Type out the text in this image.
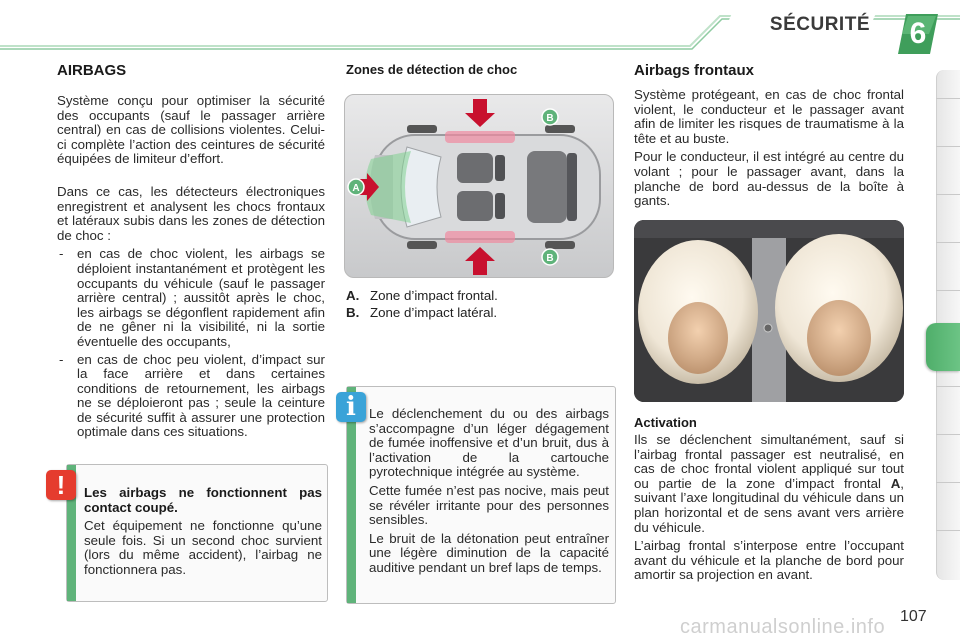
SÉCURITÉ	6
AIRBAGS

Système conçu pour optimiser la sécurité des occupants (sauf le passager arrière central) en cas de collisions violentes. Celui-ci complète l’action des ceintures de sécurité équipées de limiteur d’effort.

Dans ce cas, les détecteurs électroniques enregistrent et analysent les chocs frontaux et latéraux subis dans les zones de détection de choc :

- en cas de choc violent, les airbags se déploient instantanément et protègent les occupants du véhicule (sauf le passager arrière central) ; aussitôt après le choc, les airbags se dégonflent rapidement afin de ne gêner ni la visibilité, ni la sortie éventuelle des occupants,
- en cas de choc peu violent, d’impact sur la face arrière et dans certaines conditions de retournement, les airbags ne se déploieront pas ; seule la ceinture de sécurité suffit à assurer une protection optimale dans ces situations.

Les airbags ne fonctionnent pas contact coupé.

Cet équipement ne fonctionne qu’une seule fois. Si un second choc survient (lors du même accident), l’airbag ne fonctionnera pas.

!
Zones de détection de choc
B
B
A
A. Zone d’impact frontal.
B. Zone d’impact latéral.

Le déclenchement du ou des airbags s’accompagne d’un léger dégagement de fumée inoffensive et d’un bruit, dus à l’activation de la cartouche pyrotechnique intégrée au système.

Cette fumée n’est pas nocive, mais peut se révéler irritante pour des personnes sensibles.

Le bruit de la détonation peut entraîner une légère diminution de la capacité auditive pendant un bref laps de temps.

i
Airbags frontaux

Système protégeant, en cas de choc frontal violent, le conducteur et le passager avant afin de limiter les risques de traumatisme à la tête et au buste.

Pour le conducteur, il est intégré au centre du volant ; pour le passager avant, dans la planche de bord au-dessus de la boîte à gants.

Activation

Ils se déclenchent simultanément, sauf si l’airbag frontal passager est neutralisé, en cas de choc frontal violent appliqué sur tout ou partie de la zone d’impact frontal A, suivant l’axe longitudinal du véhicule dans un plan horizontal et de sens avant vers arrière du véhicule.

L’airbag frontal s’interpose entre l’occupant avant du véhicule et la planche de bord pour amortir sa projection en avant.

carmanualsonline.info 107
